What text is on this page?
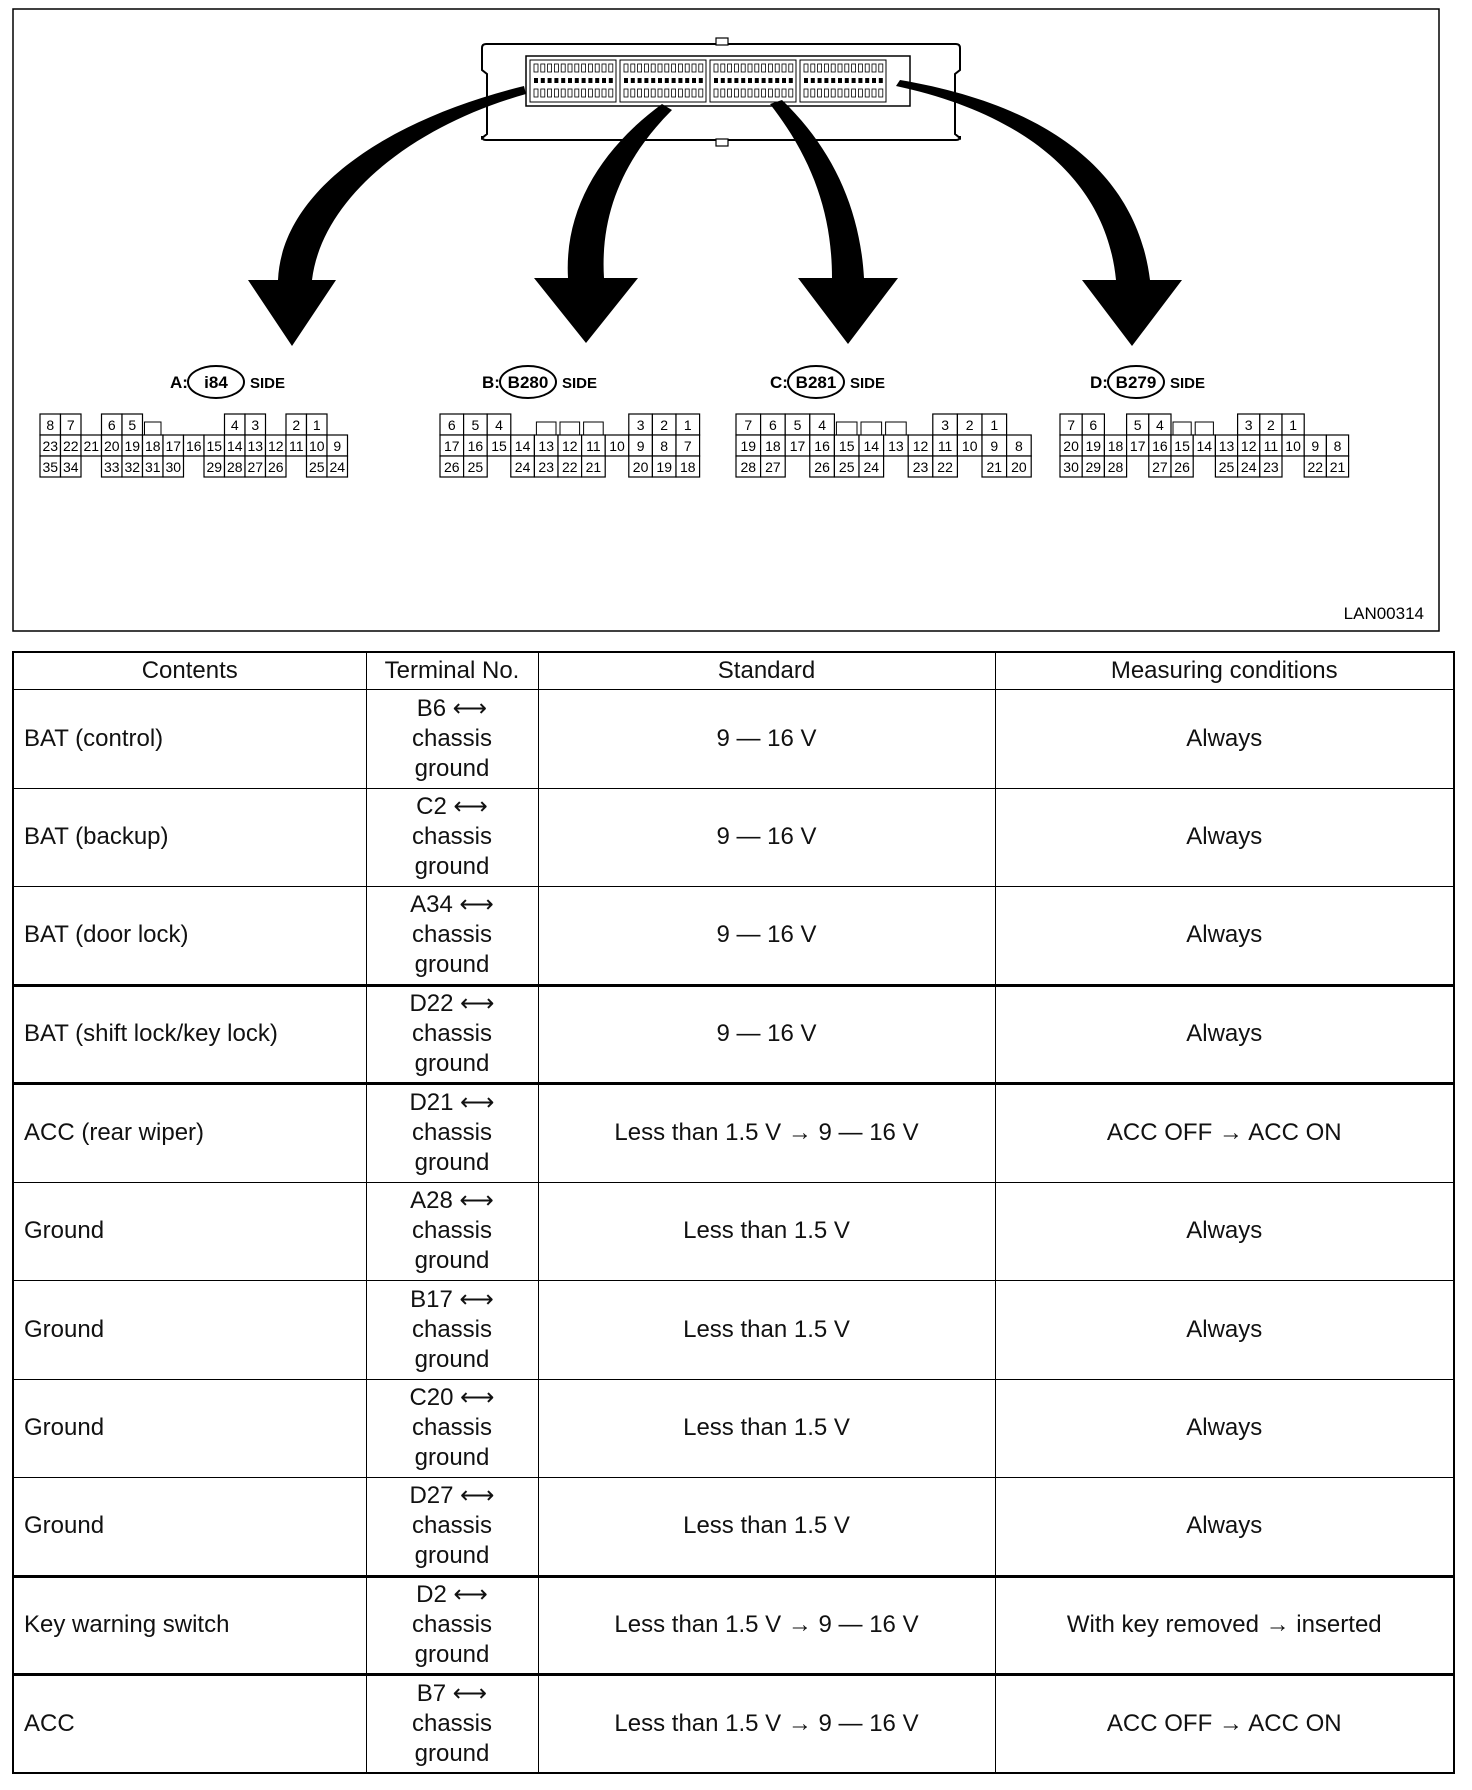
A: i84 SIDE
8 7 6 5	4 3 2 1
23 22 21 20 19 18 17 16 15 14 13 12 11 10 9
35 34 33 32 31 30 29 28 27 26 25 24
B: B280 SIDE
6 5 4	3 2 1
17 16 15 14 13 12 11 10 9 8 7
26 25 24 23 22 21 20 19 18
C: B281 SIDE
7 6 5 4	3 2 1
19 18 17 16 15 14 13 12 11 10 9 8
28 27 26 25 24 23 22 21 20
D: B279 SIDE
7 6	5 4	3 2 1
20 19 18 17 16 15 14 13 12 11 10 9 8
30 29 28 27 26 25 24 23 22 21
LAN00314
Contents	Terminal No.	Standard	Measuring conditions
BAT (control)	B6 ⟷
chassis
ground	9 — 16 V	Always
BAT (backup)	C2 ⟷
chassis
ground	9 — 16 V	Always
BAT (door lock)	A34 ⟷
chassis
ground	9 — 16 V	Always
BAT (shift lock/key lock)	D22 ⟷
chassis
ground	9 — 16 V	Always
ACC (rear wiper)	D21 ⟷
chassis
ground	Less than 1.5 V → 9 — 16 V	ACC OFF → ACC ON
Ground	A28 ⟷
chassis
ground	Less than 1.5 V	Always
Ground	B17 ⟷
chassis
ground	Less than 1.5 V	Always
Ground	C20 ⟷
chassis
ground	Less than 1.5 V	Always
Ground	D27 ⟷
chassis
ground	Less than 1.5 V	Always
Key warning switch	D2 ⟷
chassis
ground	Less than 1.5 V → 9 — 16 V	With key removed → inserted
ACC	B7 ⟷
chassis
ground	Less than 1.5 V → 9 — 16 V	ACC OFF → ACC ON
